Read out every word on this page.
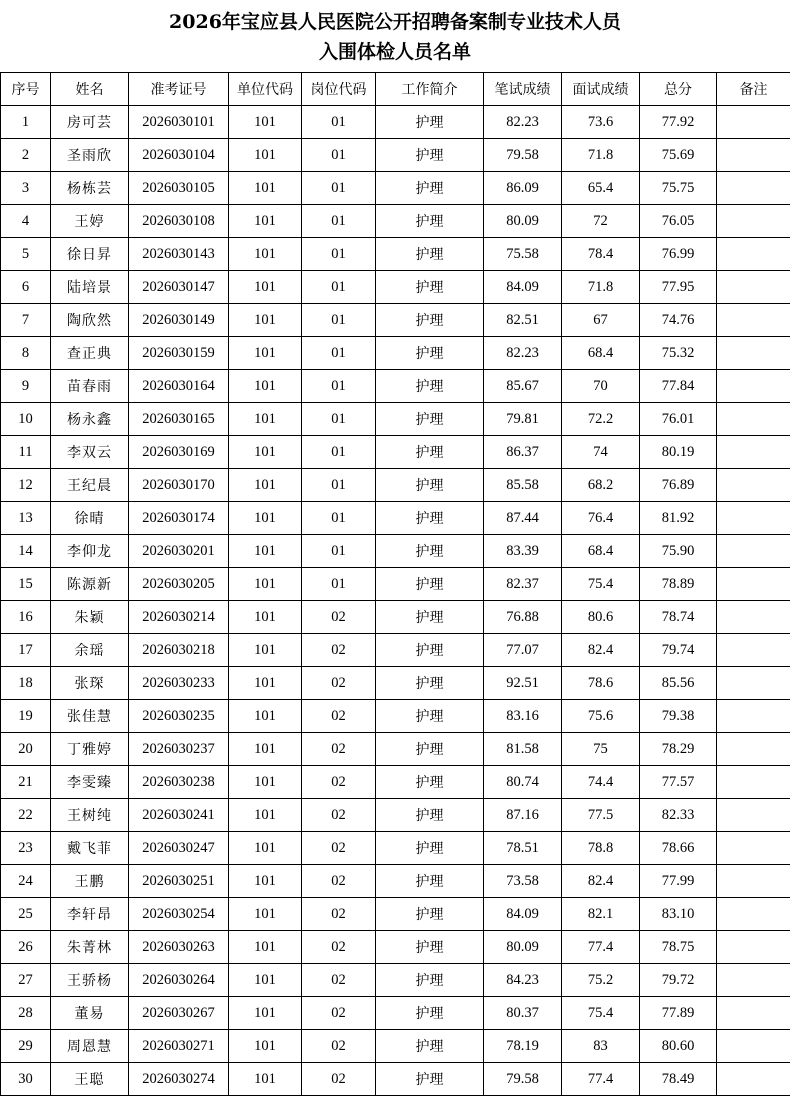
2026年宝应县人民医院公开招聘备案制专业技术人员
入围体检人员名单
序号	姓名	准考证号	单位代码	岗位代码	工作简介	笔试成绩	面试成绩	总分	备注
1	房可芸	2026030101	101	01	护理	82.23	73.6	77.92	
2	圣雨欣	2026030104	101	01	护理	79.58	71.8	75.69	
3	杨栋芸	2026030105	101	01	护理	86.09	65.4	75.75	
4	王婷	2026030108	101	01	护理	80.09	72	76.05	
5	徐日昇	2026030143	101	01	护理	75.58	78.4	76.99	
6	陆培景	2026030147	101	01	护理	84.09	71.8	77.95	
7	陶欣然	2026030149	101	01	护理	82.51	67	74.76	
8	查正典	2026030159	101	01	护理	82.23	68.4	75.32	
9	苗春雨	2026030164	101	01	护理	85.67	70	77.84	
10	杨永鑫	2026030165	101	01	护理	79.81	72.2	76.01	
11	李双云	2026030169	101	01	护理	86.37	74	80.19	
12	王纪晨	2026030170	101	01	护理	85.58	68.2	76.89	
13	徐晴	2026030174	101	01	护理	87.44	76.4	81.92	
14	李仰龙	2026030201	101	01	护理	83.39	68.4	75.90	
15	陈源新	2026030205	101	01	护理	82.37	75.4	78.89	
16	朱颖	2026030214	101	02	护理	76.88	80.6	78.74	
17	余瑶	2026030218	101	02	护理	77.07	82.4	79.74	
18	张琛	2026030233	101	02	护理	92.51	78.6	85.56	
19	张佳慧	2026030235	101	02	护理	83.16	75.6	79.38	
20	丁雅婷	2026030237	101	02	护理	81.58	75	78.29	
21	李雯臻	2026030238	101	02	护理	80.74	74.4	77.57	
22	王树纯	2026030241	101	02	护理	87.16	77.5	82.33	
23	戴飞菲	2026030247	101	02	护理	78.51	78.8	78.66	
24	王鹏	2026030251	101	02	护理	73.58	82.4	77.99	
25	李轩昂	2026030254	101	02	护理	84.09	82.1	83.10	
26	朱菁林	2026030263	101	02	护理	80.09	77.4	78.75	
27	王骄杨	2026030264	101	02	护理	84.23	75.2	79.72	
28	董易	2026030267	101	02	护理	80.37	75.4	77.89	
29	周恩慧	2026030271	101	02	护理	78.19	83	80.60	
30	王聪	2026030274	101	02	护理	79.58	77.4	78.49	
